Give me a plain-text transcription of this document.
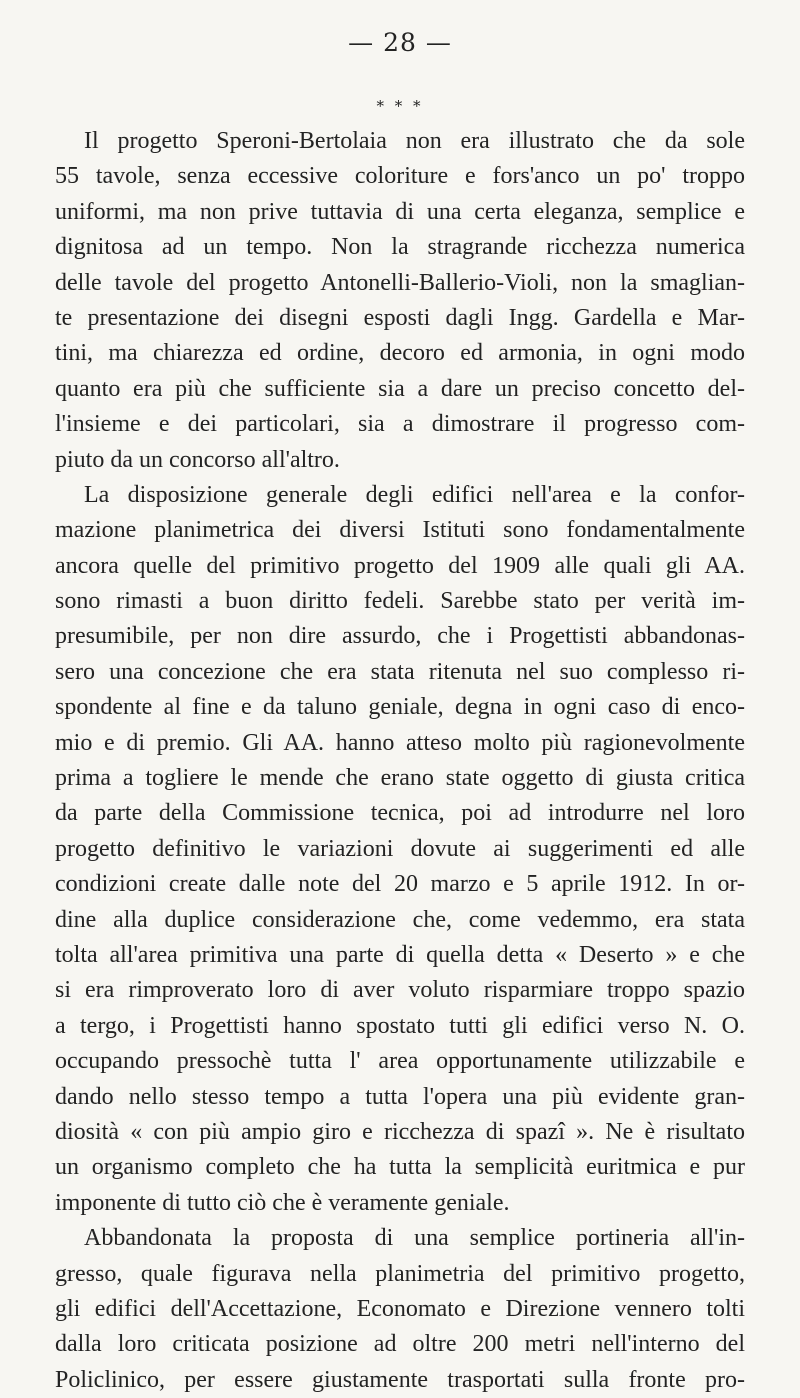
— 28 —
* * *
Il progetto Speroni-Bertolaia non era illustrato che da sole
55 tavole, senza eccessive coloriture e fors'anco un po' troppo
uniformi, ma non prive tuttavia di una certa eleganza, semplice e
dignitosa ad un tempo. Non la stragrande ricchezza numerica
delle tavole del progetto Antonelli-Ballerio-Violi, non la smaglian-
te presentazione dei disegni esposti dagli Ingg. Gardella e Mar-
tini, ma chiarezza ed ordine, decoro ed armonia, in ogni modo
quanto era più che sufficiente sia a dare un preciso concetto del-
l'insieme e dei particolari, sia a dimostrare il progresso com-
piuto da un concorso all'altro.
La disposizione generale degli edifici nell'area e la confor-
mazione planimetrica dei diversi Istituti sono fondamentalmente
ancora quelle del primitivo progetto del 1909 alle quali gli AA.
sono rimasti a buon diritto fedeli. Sarebbe stato per verità im-
presumibile, per non dire assurdo, che i Progettisti abbandonas-
sero una concezione che era stata ritenuta nel suo complesso ri-
spondente al fine e da taluno geniale, degna in ogni caso di enco-
mio e di premio. Gli AA. hanno atteso molto più ragionevolmente
prima a togliere le mende che erano state oggetto di giusta critica
da parte della Commissione tecnica, poi ad introdurre nel loro
progetto definitivo le variazioni dovute ai suggerimenti ed alle
condizioni create dalle note del 20 marzo e 5 aprile 1912. In or-
dine alla duplice considerazione che, come vedemmo, era stata
tolta all'area primitiva una parte di quella detta « Deserto » e che
si era rimproverato loro di aver voluto risparmiare troppo spazio
a tergo, i Progettisti hanno spostato tutti gli edifici verso N. O.
occupando pressochè tutta l' area opportunamente utilizzabile e
dando nello stesso tempo a tutta l'opera una più evidente gran-
diosità « con più ampio giro e ricchezza di spazî ». Ne è risultato
un organismo completo che ha tutta la semplicità euritmica e pur
imponente di tutto ciò che è veramente geniale.
Abbandonata la proposta di una semplice portineria all'in-
gresso, quale figurava nella planimetria del primitivo progetto,
gli edifici dell'Accettazione, Economato e Direzione vennero tolti
dalla loro criticata posizione ad oltre 200 metri nell'interno del
Policlinico, per essere giustamente trasportati sulla fronte pro-
